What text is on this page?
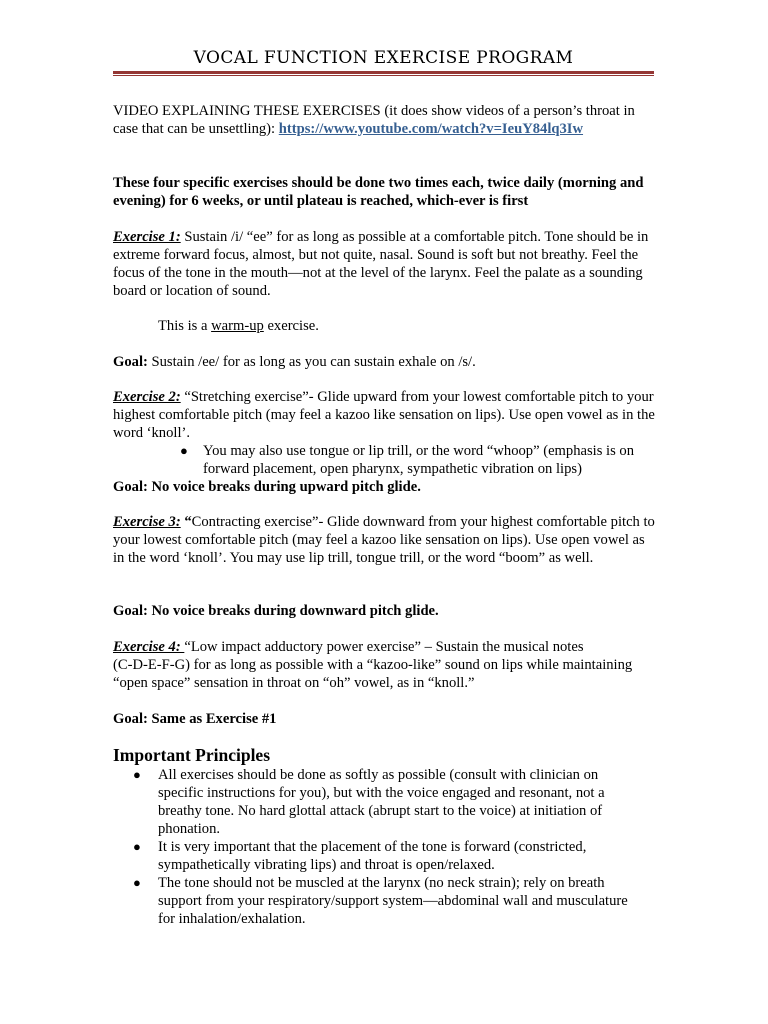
VOCAL FUNCTION EXERCISE PROGRAM

VIDEO EXPLAINING THESE EXERCISES (it does show videos of a person’s throat in case that can be unsettling): https://www.youtube.com/watch?v=IeuY84lq3Iw

These four specific exercises should be done two times each, twice daily (morning and evening) for 6 weeks, or until plateau is reached, which-ever is first

Exercise 1: Sustain /i/ “ee” for as long as possible at a comfortable pitch. Tone should be in extreme forward focus, almost, but not quite, nasal. Sound is soft but not breathy. Feel the focus of the tone in the mouth—not at the level of the larynx. Feel the palate as a sounding board or location of sound.

This is a warm-up exercise.

Goal: Sustain /ee/ for as long as you can sustain exhale on /s/.

Exercise 2: “Stretching exercise”- Glide upward from your lowest comfortable pitch to your highest comfortable pitch (may feel a kazoo like sensation on lips). Use open vowel as in the word ‘knoll’.

● You may also use tongue or lip trill, or the word “whoop” (emphasis is on forward placement, open pharynx, sympathetic vibration on lips)

Goal: No voice breaks during upward pitch glide.

Exercise 3: “Contracting exercise”- Glide downward from your highest comfortable pitch to your lowest comfortable pitch (may feel a kazoo like sensation on lips). Use open vowel as in the word ‘knoll’. You may use lip trill, tongue trill, or the word “boom” as well.

Goal: No voice breaks during downward pitch glide.

Exercise 4: “Low impact adductory power exercise” – Sustain the musical notes
(C-D-E-F-G) for as long as possible with a “kazoo-like” sound on lips while maintaining “open space” sensation in throat on “oh” vowel, as in “knoll.”

Goal: Same as Exercise #1

Important Principles

● All exercises should be done as softly as possible (consult with clinician on specific instructions for you), but with the voice engaged and resonant, not a breathy tone. No hard glottal attack (abrupt start to the voice) at initiation of phonation.
● It is very important that the placement of the tone is forward (constricted, sympathetically vibrating lips) and throat is open/relaxed.
● The tone should not be muscled at the larynx (no neck strain); rely on breath support from your respiratory/support system—abdominal wall and musculature for inhalation/exhalation.
